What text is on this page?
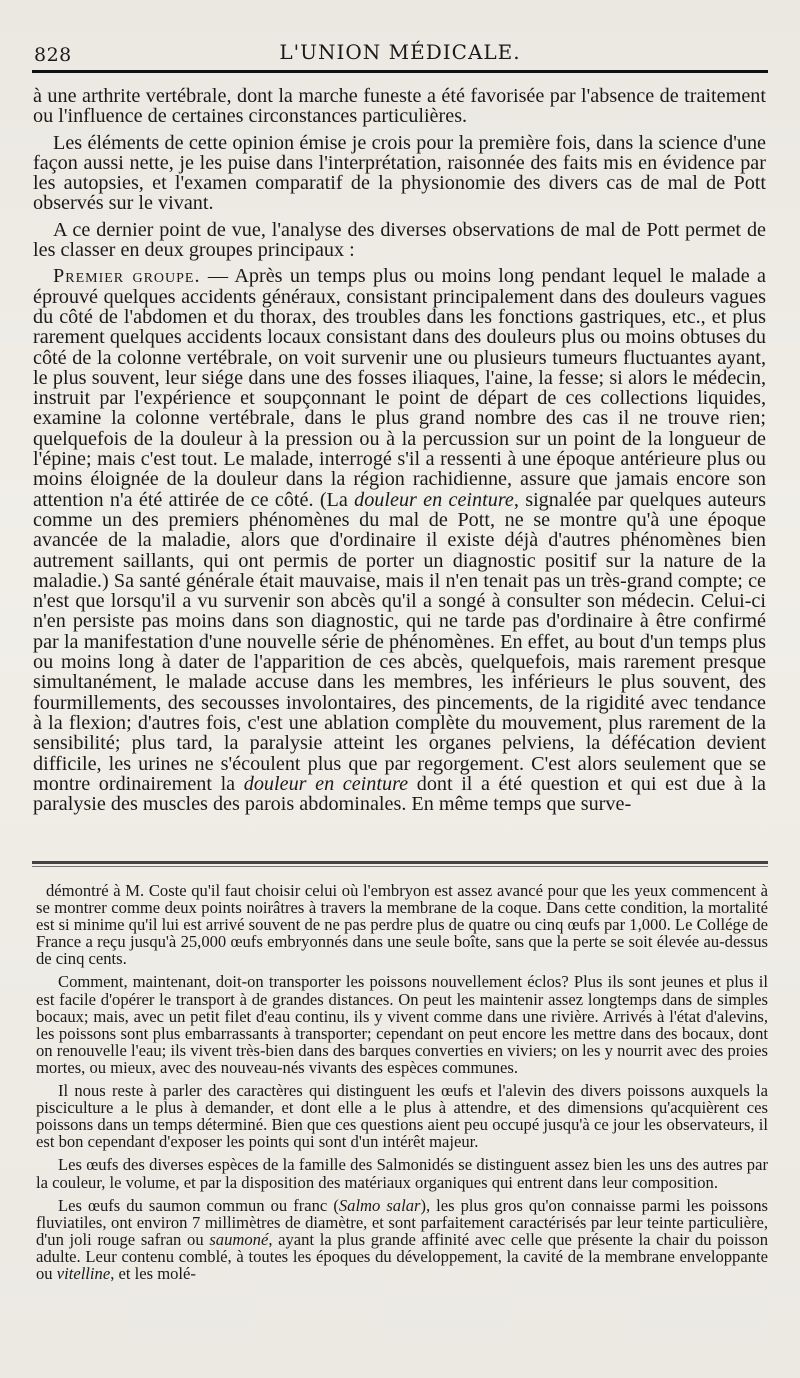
828	L'UNION MÉDICALE.

à une arthrite vertébrale, dont la marche funeste a été favorisée par l'absence de traitement ou l'influence de certaines circonstances particulières.

Les éléments de cette opinion émise je crois pour la première fois, dans la science d'une façon aussi nette, je les puise dans l'interprétation, raisonnée des faits mis en évidence par les autopsies, et l'examen comparatif de la physionomie des divers cas de mal de Pott observés sur le vivant.

A ce dernier point de vue, l'analyse des diverses observations de mal de Pott permet de les classer en deux groupes principaux :

Premier groupe. — Après un temps plus ou moins long pendant lequel le malade a éprouvé quelques accidents généraux, consistant principalement dans des douleurs vagues du côté de l'abdomen et du thorax, des troubles dans les fonctions gastriques, etc., et plus rarement quelques accidents locaux consistant dans des douleurs plus ou moins obtuses du côté de la colonne vertébrale, on voit survenir une ou plusieurs tumeurs fluctuantes ayant, le plus souvent, leur siége dans une des fosses iliaques, l'aine, la fesse; si alors le médecin, instruit par l'expérience et soupçonnant le point de départ de ces collections liquides, examine la colonne vertébrale, dans le plus grand nombre des cas il ne trouve rien; quelquefois de la douleur à la pression ou à la percussion sur un point de la longueur de l'épine; mais c'est tout. Le malade, interrogé s'il a ressenti à une époque antérieure plus ou moins éloignée de la douleur dans la région rachidienne, assure que jamais encore son attention n'a été attirée de ce côté. (La douleur en ceinture, signalée par quelques auteurs comme un des premiers phénomènes du mal de Pott, ne se montre qu'à une époque avancée de la maladie, alors que d'ordinaire il existe déjà d'autres phénomènes bien autrement saillants, qui ont permis de porter un diagnostic positif sur la nature de la maladie.) Sa santé générale était mauvaise, mais il n'en tenait pas un très-grand compte; ce n'est que lorsqu'il a vu survenir son abcès qu'il a songé à consulter son médecin. Celui-ci n'en persiste pas moins dans son diagnostic, qui ne tarde pas d'ordinaire à être confirmé par la manifestation d'une nouvelle série de phénomènes. En effet, au bout d'un temps plus ou moins long à dater de l'apparition de ces abcès, quelquefois, mais rarement presque simultanément, le malade accuse dans les membres, les inférieurs le plus souvent, des fourmillements, des secousses involontaires, des pincements, de la rigidité avec tendance à la flexion; d'autres fois, c'est une ablation complète du mouvement, plus rarement de la sensibilité; plus tard, la paralysie atteint les organes pelviens, la défécation devient difficile, les urines ne s'écoulent plus que par regorgement. C'est alors seulement que se montre ordinairement la douleur en ceinture dont il a été question et qui est due à la paralysie des muscles des parois abdominales. En même temps que surve-

démontré à M. Coste qu'il faut choisir celui où l'embryon est assez avancé pour que les yeux commencent à se montrer comme deux points noirâtres à travers la membrane de la coque. Dans cette condition, la mortalité est si minime qu'il lui est arrivé souvent de ne pas perdre plus de quatre ou cinq œufs par 1,000. Le Collége de France a reçu jusqu'à 25,000 œufs embryonnés dans une seule boîte, sans que la perte se soit élevée au-dessus de cinq cents.

Comment, maintenant, doit-on transporter les poissons nouvellement éclos? Plus ils sont jeunes et plus il est facile d'opérer le transport à de grandes distances. On peut les maintenir assez longtemps dans de simples bocaux; mais, avec un petit filet d'eau continu, ils y vivent comme dans une rivière. Arrivés à l'état d'alevins, les poissons sont plus embarrassants à transporter; cependant on peut encore les mettre dans des bocaux, dont on renouvelle l'eau; ils vivent très-bien dans des barques converties en viviers; on les y nourrit avec des proies mortes, ou mieux, avec des nouveau-nés vivants des espèces communes.

Il nous reste à parler des caractères qui distinguent les œufs et l'alevin des divers poissons auxquels la pisciculture a le plus à demander, et dont elle a le plus à attendre, et des dimensions qu'acquièrent ces poissons dans un temps déterminé. Bien que ces questions aient peu occupé jusqu'à ce jour les observateurs, il est bon cependant d'exposer les points qui sont d'un intérêt majeur.

Les œufs des diverses espèces de la famille des Salmonidés se distinguent assez bien les uns des autres par la couleur, le volume, et par la disposition des matériaux organiques qui entrent dans leur composition.

Les œufs du saumon commun ou franc (Salmo salar), les plus gros qu'on connaisse parmi les poissons fluviatiles, ont environ 7 millimètres de diamètre, et sont parfaitement caractérisés par leur teinte particulière, d'un joli rouge safran ou saumoné, ayant la plus grande affinité avec celle que présente la chair du poisson adulte. Leur contenu comblé, à toutes les époques du développement, la cavité de la membrane enveloppante ou vitelline, et les molé-
